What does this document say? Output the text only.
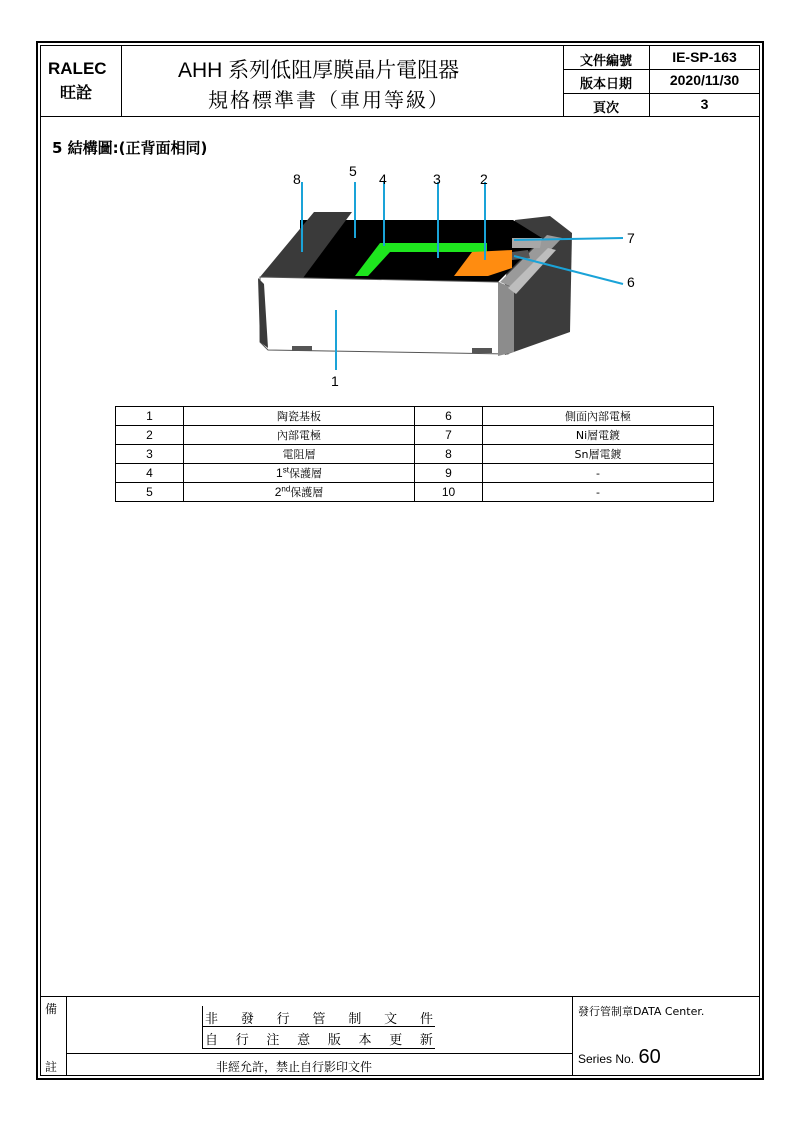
RALEC
旺詮
AHH 系列低阻厚膜晶片電阻器
規格標準書（車用等級）
文件編號	IE-SP-163
版本日期	2020/11/30
頁次	3
5 結構圖:(正背面相同)
8	5 4	3	2
7
6
1
1	陶瓷基板	6	側面內部電極
2	內部電極	7	Ni層電鍍
3	電阻層	8	Sn層電鍍
4	1st保護層	9	-
5	2nd保護層	10	-
備
註
非 發 行 管 制 文 件
自 行 注 意 版 本 更 新
非經允許，禁止自行影印文件
發行管制章DATA Center.
Series No. 60
